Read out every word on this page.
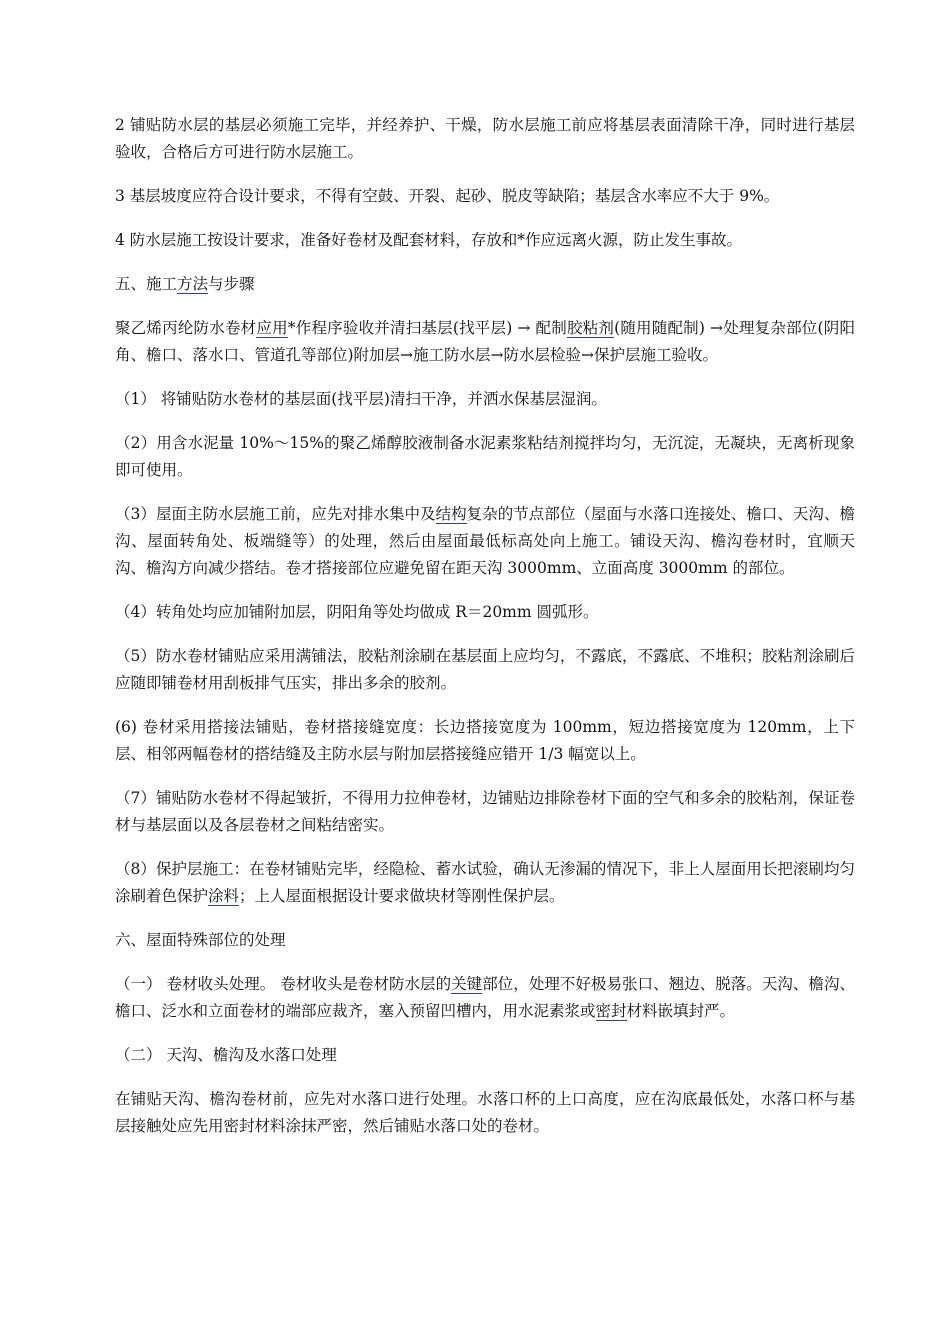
2 铺贴防水层的基层必须施工完毕，并经养护、干燥，防水层施工前应将基层表面清除干净，同时进行基层验收，合格后方可进行防水层施工。

3 基层坡度应符合设计要求，不得有空鼓、开裂、起砂、脱皮等缺陷；基层含水率应不大于 9%。

4 防水层施工按设计要求，准备好卷材及配套材料，存放和*作应远离火源，防止发生事故。

五、施工方法与步骤

聚乙烯丙纶防水卷材应用*作程序验收并清扫基层(找平层) → 配制胶粘剂(随用随配制) →处理复杂部位(阴阳角、檐口、落水口、管道孔等部位)附加层→施工防水层→防水层检验→保护层施工验收。

（1） 将铺贴防水卷材的基层面(找平层)清扫干净，并洒水保基层湿润。

（2）用含水泥量 10%～15%的聚乙烯醇胶液制备水泥素浆粘结剂搅拌均匀，无沉淀，无凝块，无离析现象即可使用。

（3）屋面主防水层施工前，应先对排水集中及结构复杂的节点部位（屋面与水落口连接处、檐口、天沟、檐沟、屋面转角处、板端缝等）的处理，然后由屋面最低标高处向上施工。铺设天沟、檐沟卷材时，宜顺天沟、檐沟方向减少搭结。卷才搭接部位应避免留在距天沟 3000mm、立面高度 3000mm 的部位。

（4）转角处均应加铺附加层，阴阳角等处均做成 R＝20mm 圆弧形。

（5）防水卷材铺贴应采用满铺法，胶粘剂涂刷在基层面上应均匀，不露底，不露底、不堆积；胶粘剂涂刷后应随即铺卷材用刮板排气压实，排出多余的胶剂。

(6) 卷材采用搭接法铺贴，卷材搭接缝宽度：长边搭接宽度为 100mm，短边搭接宽度为 120mm，上下层、相邻两幅卷材的搭结缝及主防水层与附加层搭接缝应错开 1/3 幅宽以上。

（7）铺贴防水卷材不得起皱折，不得用力拉伸卷材，边铺贴边排除卷材下面的空气和多余的胶粘剂，保证卷材与基层面以及各层卷材之间粘结密实。

（8）保护层施工：在卷材铺贴完毕，经隐检、蓄水试验，确认无渗漏的情况下，非上人屋面用长把滚刷均匀涂刷着色保护涂料；上人屋面根据设计要求做块材等刚性保护层。

六、屋面特殊部位的处理

（一） 卷材收头处理。 卷材收头是卷材防水层的关键部位，处理不好极易张口、翘边、脱落。天沟、檐沟、檐口、泛水和立面卷材的端部应裁齐，塞入预留凹槽内，用水泥素浆或密封材料嵌填封严。

（二） 天沟、檐沟及水落口处理

在铺贴天沟、檐沟卷材前，应先对水落口进行处理。水落口杯的上口高度，应在沟底最低处，水落口杯与基层接触处应先用密封材料涂抹严密，然后铺贴水落口处的卷材。
